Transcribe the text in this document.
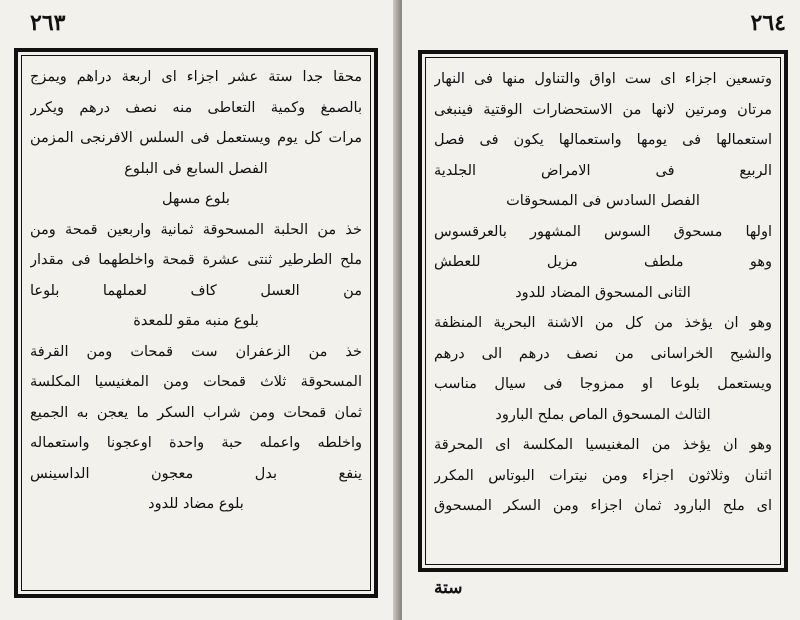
٢٦٣
محقا جدا ستة عشر اجزاء اى اربعة دراهم ويمزج
بالصمغ وكمية التعاطى منه نصف درهم ويكرر
مرات كل يوم ويستعمل فى السلس الافرنجى المزمن
الفصل السابع فى البلوع
بلوع مسهل
خذ من الحلبة المسحوقة ثمانية واربعين قمحة ومن
ملح الطرطير ثنتى عشرة قمحة واخلطهما فى مقدار
من العسل كاف لعملهما بلوعا
بلوع منبه مقو للمعدة
خذ من الزعفران ست قمحات ومن القرفة
المسحوقة ثلاث قمحات ومن المغنيسيا المكلسة
ثمان قمحات ومن شراب السكر ما يعجن به الجميع
واخلطه واعمله حبة واحدة اوعجونا واستعماله
ينفع بدل معجون الداسينس
بلوع مضاد للدود
٢٦٤
وتسعين اجزاء اى ست اواق والتناول منها فى النهار
مرتان ومرتين لانها من الاستحضارات الوقتية فينبغى
استعمالها فى يومها واستعمالها يكون فى فصل
الربيع فى الامراض الجلدية
الفصل السادس فى المسحوقات
اولها مسحوق السوس المشهور بالعرقسوس
وهو ملطف مزيل للعطش
الثانى المسحوق المضاد للدود
وهو ان يؤخذ من كل من الاشنة البحرية المنظفة
والشيح الخراسانى من نصف درهم الى درهم
ويستعمل بلوعا او ممزوجا فى سيال مناسب
الثالث المسحوق الماص بملح البارود
وهو ان يؤخذ من المغنيسيا المكلسة اى المحرقة
اثنان وثلاثون اجزاء ومن نيترات البوتاس المكرر
اى ملح البارود ثمان اجزاء ومن السكر المسحوق
ستة
